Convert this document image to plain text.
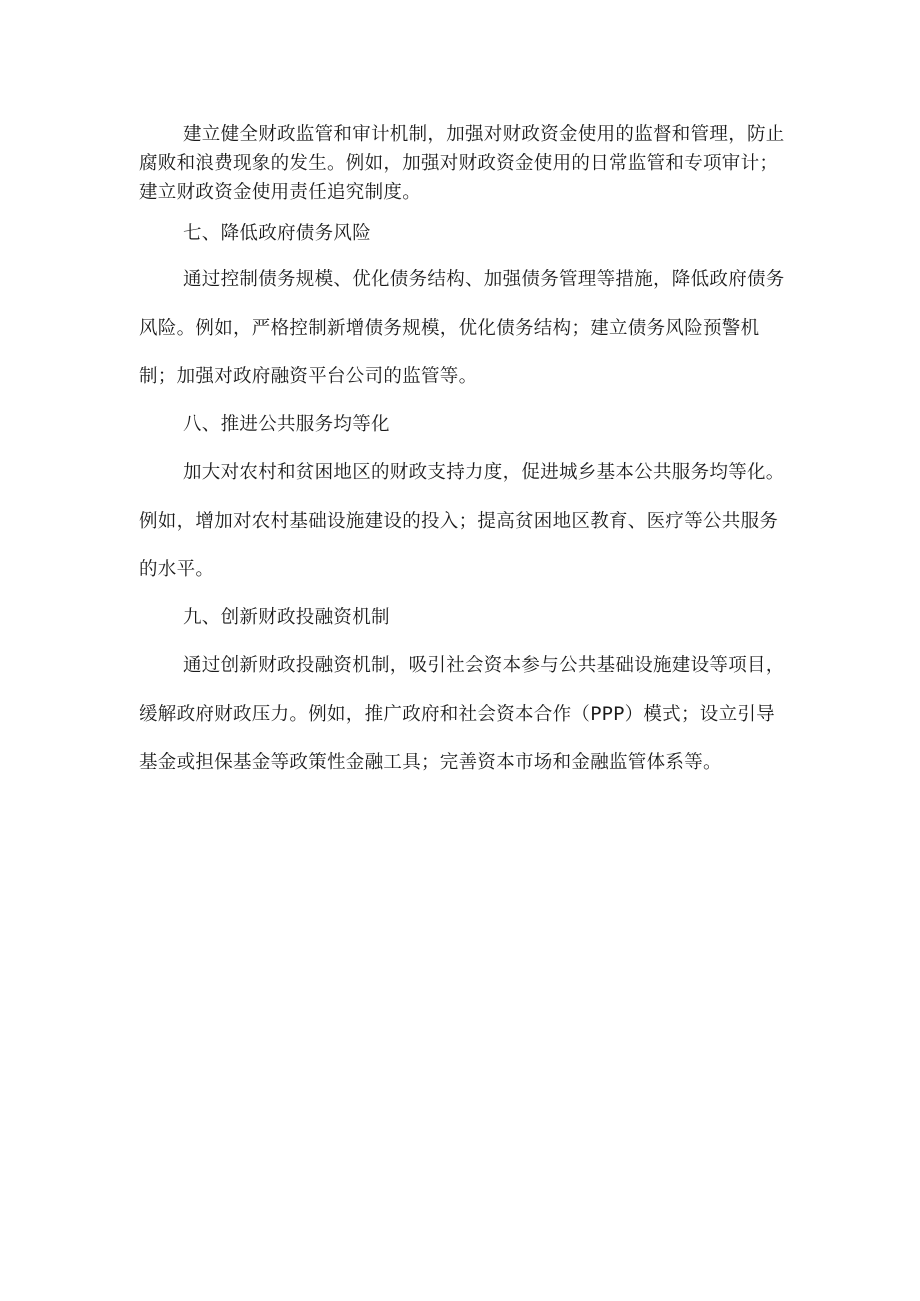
建立健全财政监管和审计机制，加强对财政资金使用的监督和管理，防止腐败和浪费现象的发生。例如，加强对财政资金使用的日常监管和专项审计；建立财政资金使用责任追究制度。

七、降低政府债务风险

通过控制债务规模、优化债务结构、加强债务管理等措施，降低政府债务风险。例如，严格控制新增债务规模，优化债务结构；建立债务风险预警机制；加强对政府融资平台公司的监管等。

八、推进公共服务均等化

加大对农村和贫困地区的财政支持力度，促进城乡基本公共服务均等化。例如，增加对农村基础设施建设的投入；提高贫困地区教育、医疗等公共服务的水平。

九、创新财政投融资机制

通过创新财政投融资机制，吸引社会资本参与公共基础设施建设等项目，缓解政府财政压力。例如，推广政府和社会资本合作（PPP）模式；设立引导基金或担保基金等政策性金融工具；完善资本市场和金融监管体系等。
